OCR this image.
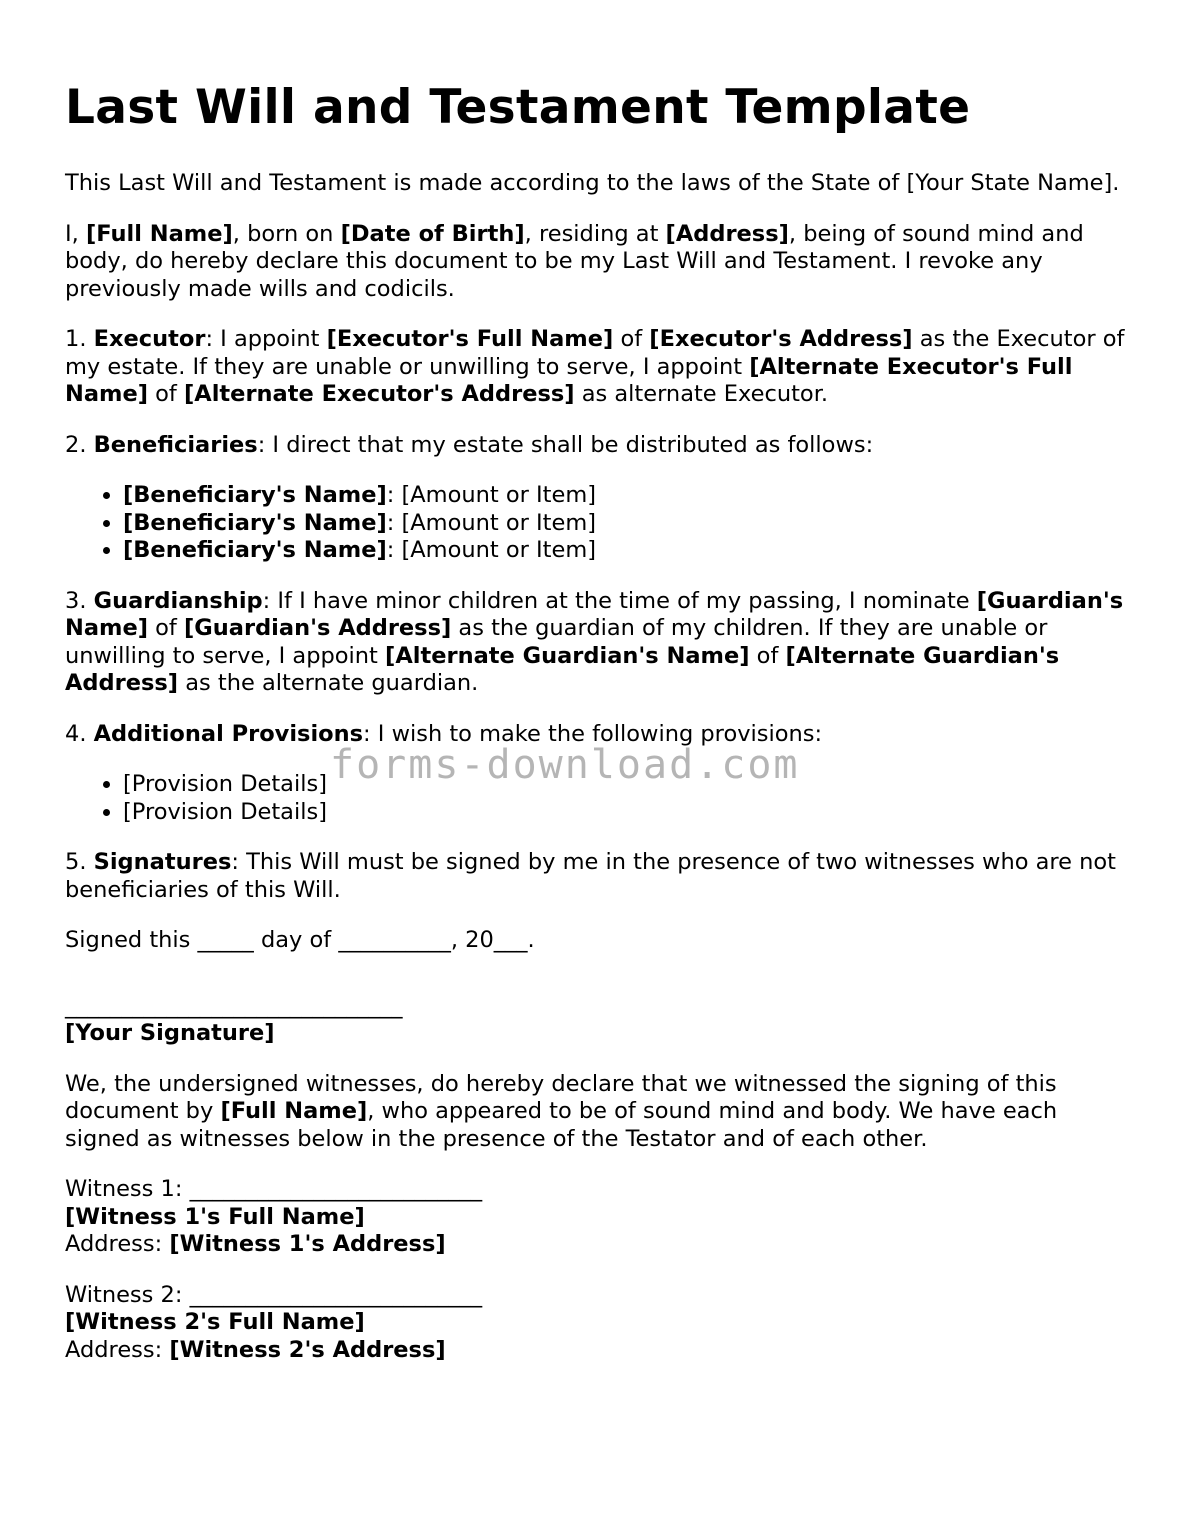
Last Will and Testament Template

This Last Will and Testament is made according to the laws of the State of [Your State Name].

I, [Full Name], born on [Date of Birth], residing at [Address], being of sound mind and body, do hereby declare this document to be my Last Will and Testament. I revoke any previously made wills and codicils.

1. Executor: I appoint [Executor's Full Name] of [Executor's Address] as the Executor of my estate. If they are unable or unwilling to serve, I appoint [Alternate Executor's Full Name] of [Alternate Executor's Address] as alternate Executor.

2. Beneficiaries: I direct that my estate shall be distributed as follows:

• [Beneficiary's Name]: [Amount or Item]
• [Beneficiary's Name]: [Amount or Item]
• [Beneficiary's Name]: [Amount or Item]

3. Guardianship: If I have minor children at the time of my passing, I nominate [Guardian's Name] of [Guardian's Address] as the guardian of my children. If they are unable or unwilling to serve, I appoint [Alternate Guardian's Name] of [Alternate Guardian's Address] as the alternate guardian.

4. Additional Provisions: I wish to make the following provisions:

• [Provision Details]
• [Provision Details]

5. Signatures: This Will must be signed by me in the presence of two witnesses who are not beneficiaries of this Will.

Signed this _____ day of __________, 20___.

______________________________
[Your Signature]

We, the undersigned witnesses, do hereby declare that we witnessed the signing of this document by [Full Name], who appeared to be of sound mind and body. We have each signed as witnesses below in the presence of the Testator and of each other.

Witness 1: __________________________
[Witness 1's Full Name]
Address: [Witness 1's Address]

Witness 2: __________________________
[Witness 2's Full Name]
Address: [Witness 2's Address]

forms-download.com
